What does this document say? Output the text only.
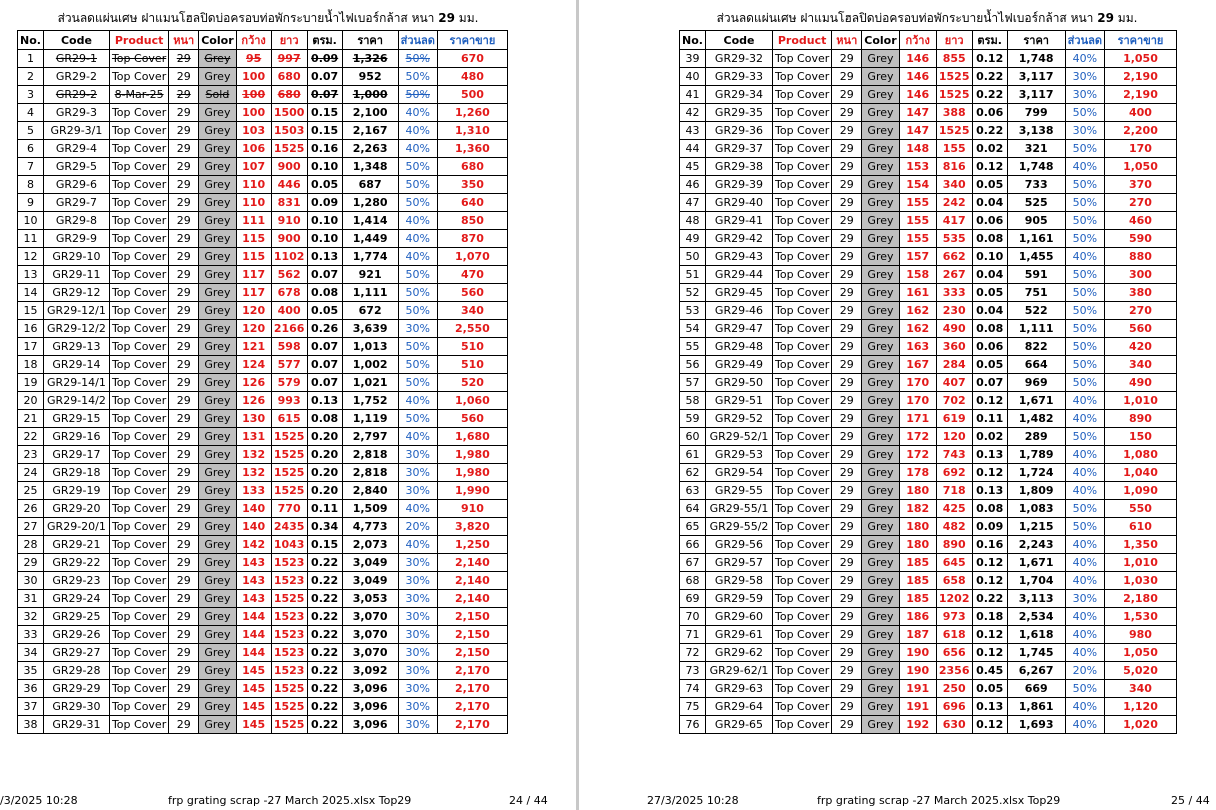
ส่วนลดแผ่นเศษ ฝาแมนโฮลปิดบ่อครอบท่อพักระบายน้ำไฟเบอร์กล้าส หนา 29 มม.
No.	Code	Product	หนา	Color	กว้าง	ยาว	ตรม.	ราคา	ส่วนลด	ราคาขาย
1	GR29-1	Top Cover	29	Grey	95	997	0.09	1,326	50%	670
2	GR29-2	Top Cover	29	Grey	100	680	0.07	952	50%	480
3	GR29-2	8-Mar-25	29	Sold	100	680	0.07	1,000	50%	500
4	GR29-3	Top Cover	29	Grey	100	1500	0.15	2,100	40%	1,260
5	GR29-3/1	Top Cover	29	Grey	103	1503	0.15	2,167	40%	1,310
6	GR29-4	Top Cover	29	Grey	106	1525	0.16	2,263	40%	1,360
7	GR29-5	Top Cover	29	Grey	107	900	0.10	1,348	50%	680
8	GR29-6	Top Cover	29	Grey	110	446	0.05	687	50%	350
9	GR29-7	Top Cover	29	Grey	110	831	0.09	1,280	50%	640
10	GR29-8	Top Cover	29	Grey	111	910	0.10	1,414	40%	850
11	GR29-9	Top Cover	29	Grey	115	900	0.10	1,449	40%	870
12	GR29-10	Top Cover	29	Grey	115	1102	0.13	1,774	40%	1,070
13	GR29-11	Top Cover	29	Grey	117	562	0.07	921	50%	470
14	GR29-12	Top Cover	29	Grey	117	678	0.08	1,111	50%	560
15	GR29-12/1	Top Cover	29	Grey	120	400	0.05	672	50%	340
16	GR29-12/2	Top Cover	29	Grey	120	2166	0.26	3,639	30%	2,550
17	GR29-13	Top Cover	29	Grey	121	598	0.07	1,013	50%	510
18	GR29-14	Top Cover	29	Grey	124	577	0.07	1,002	50%	510
19	GR29-14/1	Top Cover	29	Grey	126	579	0.07	1,021	50%	520
20	GR29-14/2	Top Cover	29	Grey	126	993	0.13	1,752	40%	1,060
21	GR29-15	Top Cover	29	Grey	130	615	0.08	1,119	50%	560
22	GR29-16	Top Cover	29	Grey	131	1525	0.20	2,797	40%	1,680
23	GR29-17	Top Cover	29	Grey	132	1525	0.20	2,818	30%	1,980
24	GR29-18	Top Cover	29	Grey	132	1525	0.20	2,818	30%	1,980
25	GR29-19	Top Cover	29	Grey	133	1525	0.20	2,840	30%	1,990
26	GR29-20	Top Cover	29	Grey	140	770	0.11	1,509	40%	910
27	GR29-20/1	Top Cover	29	Grey	140	2435	0.34	4,773	20%	3,820
28	GR29-21	Top Cover	29	Grey	142	1043	0.15	2,073	40%	1,250
29	GR29-22	Top Cover	29	Grey	143	1523	0.22	3,049	30%	2,140
30	GR29-23	Top Cover	29	Grey	143	1523	0.22	3,049	30%	2,140
31	GR29-24	Top Cover	29	Grey	143	1525	0.22	3,053	30%	2,140
32	GR29-25	Top Cover	29	Grey	144	1523	0.22	3,070	30%	2,150
33	GR29-26	Top Cover	29	Grey	144	1523	0.22	3,070	30%	2,150
34	GR29-27	Top Cover	29	Grey	144	1523	0.22	3,070	30%	2,150
35	GR29-28	Top Cover	29	Grey	145	1523	0.22	3,092	30%	2,170
36	GR29-29	Top Cover	29	Grey	145	1525	0.22	3,096	30%	2,170
37	GR29-30	Top Cover	29	Grey	145	1525	0.22	3,096	30%	2,170
38	GR29-31	Top Cover	29	Grey	145	1525	0.22	3,096	30%	2,170
/3/2025 10:28	frp grating scrap -27 March 2025.xlsx Top29	24 / 44
ส่วนลดแผ่นเศษ ฝาแมนโฮลปิดบ่อครอบท่อพักระบายน้ำไฟเบอร์กล้าส หนา 29 มม.
No.	Code	Product	หนา	Color	กว้าง	ยาว	ตรม.	ราคา	ส่วนลด	ราคาขาย
39	GR29-32	Top Cover	29	Grey	146	855	0.12	1,748	40%	1,050
40	GR29-33	Top Cover	29	Grey	146	1525	0.22	3,117	30%	2,190
41	GR29-34	Top Cover	29	Grey	146	1525	0.22	3,117	30%	2,190
42	GR29-35	Top Cover	29	Grey	147	388	0.06	799	50%	400
43	GR29-36	Top Cover	29	Grey	147	1525	0.22	3,138	30%	2,200
44	GR29-37	Top Cover	29	Grey	148	155	0.02	321	50%	170
45	GR29-38	Top Cover	29	Grey	153	816	0.12	1,748	40%	1,050
46	GR29-39	Top Cover	29	Grey	154	340	0.05	733	50%	370
47	GR29-40	Top Cover	29	Grey	155	242	0.04	525	50%	270
48	GR29-41	Top Cover	29	Grey	155	417	0.06	905	50%	460
49	GR29-42	Top Cover	29	Grey	155	535	0.08	1,161	50%	590
50	GR29-43	Top Cover	29	Grey	157	662	0.10	1,455	40%	880
51	GR29-44	Top Cover	29	Grey	158	267	0.04	591	50%	300
52	GR29-45	Top Cover	29	Grey	161	333	0.05	751	50%	380
53	GR29-46	Top Cover	29	Grey	162	230	0.04	522	50%	270
54	GR29-47	Top Cover	29	Grey	162	490	0.08	1,111	50%	560
55	GR29-48	Top Cover	29	Grey	163	360	0.06	822	50%	420
56	GR29-49	Top Cover	29	Grey	167	284	0.05	664	50%	340
57	GR29-50	Top Cover	29	Grey	170	407	0.07	969	50%	490
58	GR29-51	Top Cover	29	Grey	170	702	0.12	1,671	40%	1,010
59	GR29-52	Top Cover	29	Grey	171	619	0.11	1,482	40%	890
60	GR29-52/1	Top Cover	29	Grey	172	120	0.02	289	50%	150
61	GR29-53	Top Cover	29	Grey	172	743	0.13	1,789	40%	1,080
62	GR29-54	Top Cover	29	Grey	178	692	0.12	1,724	40%	1,040
63	GR29-55	Top Cover	29	Grey	180	718	0.13	1,809	40%	1,090
64	GR29-55/1	Top Cover	29	Grey	182	425	0.08	1,083	50%	550
65	GR29-55/2	Top Cover	29	Grey	180	482	0.09	1,215	50%	610
66	GR29-56	Top Cover	29	Grey	180	890	0.16	2,243	40%	1,350
67	GR29-57	Top Cover	29	Grey	185	645	0.12	1,671	40%	1,010
68	GR29-58	Top Cover	29	Grey	185	658	0.12	1,704	40%	1,030
69	GR29-59	Top Cover	29	Grey	185	1202	0.22	3,113	30%	2,180
70	GR29-60	Top Cover	29	Grey	186	973	0.18	2,534	40%	1,530
71	GR29-61	Top Cover	29	Grey	187	618	0.12	1,618	40%	980
72	GR29-62	Top Cover	29	Grey	190	656	0.12	1,745	40%	1,050
73	GR29-62/1	Top Cover	29	Grey	190	2356	0.45	6,267	20%	5,020
74	GR29-63	Top Cover	29	Grey	191	250	0.05	669	50%	340
75	GR29-64	Top Cover	29	Grey	191	696	0.13	1,861	40%	1,120
76	GR29-65	Top Cover	29	Grey	192	630	0.12	1,693	40%	1,020
27/3/2025 10:28	frp grating scrap -27 March 2025.xlsx Top29	25 / 44
